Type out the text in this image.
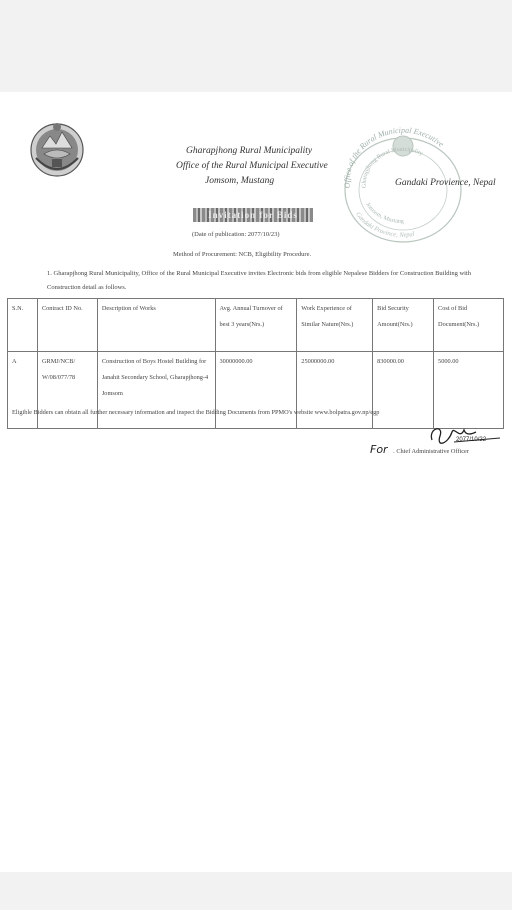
Gharapjhong Rural Municipality
Office of the Rural Municipal Executive
Jomsom, Mustang	Office of the Rural Municipal Executive
Gharapjhong Rural Municipality
Jomsom, Mustang
Gandaki Province, Nepal
Gandaki Provience, Nepal
Invitation for Bids
(Date of publication: 2077/10/23)
Method of Procurement: NCB, Eligibility Procedure.
1. Gharapjhong Rural Municipality, Office of the Rural Municipal Executive invites Electronic bids from eligible Nepalese Bidders for Construction Building with Construction detail as follows.
S.N.	Contract ID No.	Description of Works	Avg. Annual Turnover of best 3 years(Nrs.)	Work Experience of Similar Nature(Nrs.)	Bid Security Amount(Nrs.)	Cost of Bid Document(Nrs.)
A	GRMJ/NCB/ W/08/077/78	Construction of Boys Hostel Building for Janahit Secondary School, Gharapjhong-4 Jomsom	30000000.00	25000000.00	830000.00	5000.00
Eligible Bidders can obtain all further necessary information and inspect the Bidding Documents from PPMO's website www.bolpatra.gov.np/egp
2077/10/22
For . Chief Administrative Officer
